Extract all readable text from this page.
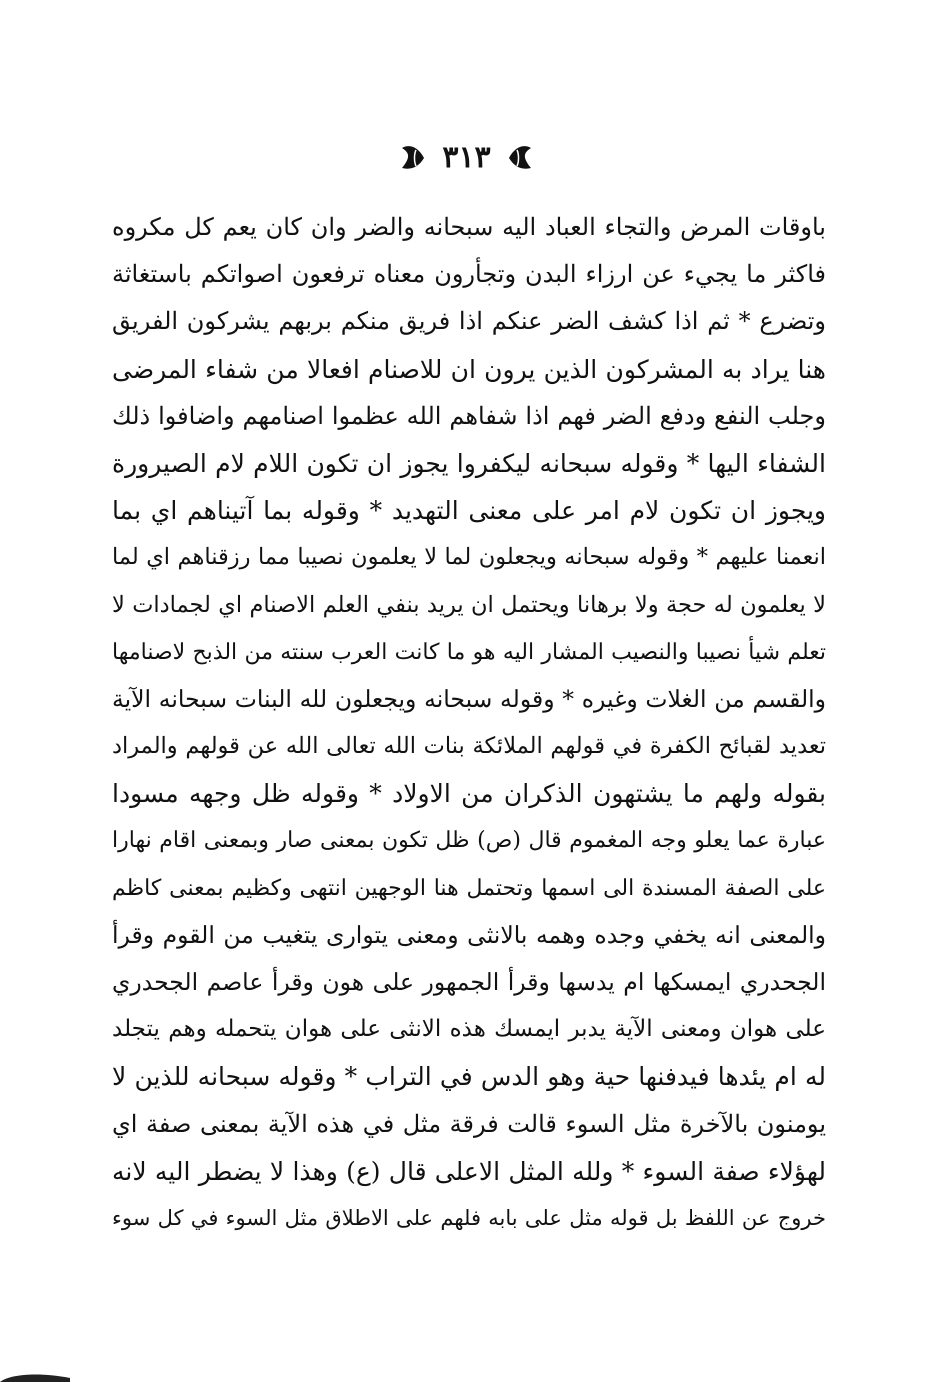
٣١٣
باوقات المرض والتجاء العباد اليه سبحانه والضر وان كان يعم كل مكروه
فاكثر ما يجيء عن ارزاء البدن وتجأرون معناه ترفعون اصواتكم باستغاثة
وتضرع * ثم اذا كشف الضر عنكم اذا فريق منكم بربهم يشركون الفريق
هنا يراد به المشركون الذين يرون ان للاصنام افعالا من شفاء المرضى
وجلب النفع ودفع الضر فهم اذا شفاهم الله عظموا اصنامهم واضافوا ذلك
الشفاء اليها * وقوله سبحانه ليكفروا يجوز ان تكون اللام لام الصيرورة
ويجوز ان تكون لام امر على معنى التهديد * وقوله بما آتيناهم اي بما
انعمنا عليهم * وقوله سبحانه ويجعلون لما لا يعلمون نصيبا مما رزقناهم اي لما
لا يعلمون له حجة ولا برهانا ويحتمل ان يريد بنفي العلم الاصنام اي لجمادات لا
تعلم شيأ نصيبا والنصيب المشار اليه هو ما كانت العرب سنته من الذبح لاصنامها
والقسم من الغلات وغيره * وقوله سبحانه ويجعلون لله البنات سبحانه الآية
تعديد لقبائح الكفرة في قولهم الملائكة بنات الله تعالى الله عن قولهم والمراد
بقوله ولهم ما يشتهون الذكران من الاولاد * وقوله ظل وجهه مسودا
عبارة عما يعلو وجه المغموم قال (ص) ظل تكون بمعنى صار وبمعنى اقام نهارا
على الصفة المسندة الى اسمها وتحتمل هنا الوجهين انتهى وكظيم بمعنى كاظم
والمعنى انه يخفي وجده وهمه بالانثى ومعنى يتوارى يتغيب من القوم وقرأ
الجحدري ايمسكها ام يدسها وقرأ الجمهور على هون وقرأ عاصم الجحدري
على هوان ومعنى الآية يدبر ايمسك هذه الانثى على هوان يتحمله وهم يتجلد
له ام يئدها فيدفنها حية وهو الدس في التراب * وقوله سبحانه للذين لا
يومنون بالآخرة مثل السوء قالت فرقة مثل في هذه الآية بمعنى صفة اي
لهؤلاء صفة السوء * ولله المثل الاعلى قال (ع) وهذا لا يضطر اليه لانه
خروج عن اللفظ بل قوله مثل على بابه فلهم على الاطلاق مثل السوء في كل سوء
